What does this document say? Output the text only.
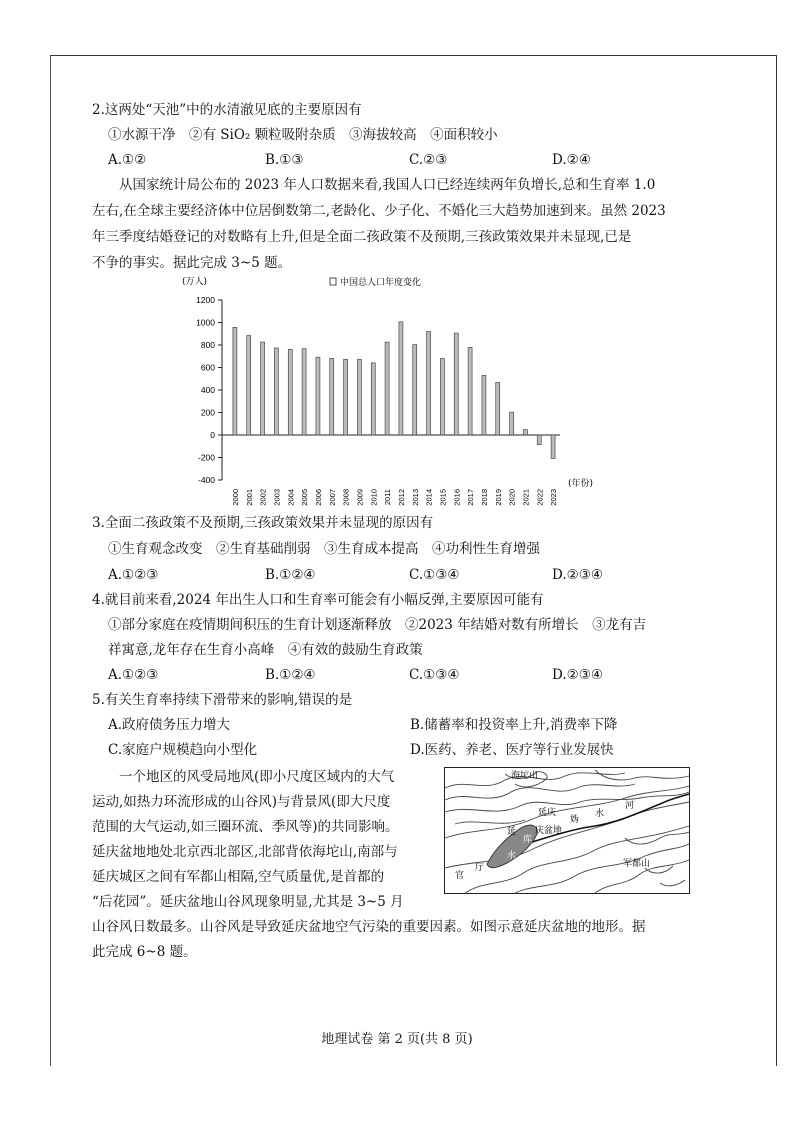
2.这两处“天池”中的水清澈见底的主要原因有
①水源干净　②有 SiO₂ 颗粒吸附杂质　③海拔较高　④面积较小
A.①②	B.①③	C.②③	D.②④
　　从国家统计局公布的 2023 年人口数据来看,我国人口已经连续两年负增长,总和生育率 1.0
左右,在全球主要经济体中位居倒数第二,老龄化、少子化、不婚化三大趋势加速到来。虽然 2023
年三季度结婚登记的对数略有上升,但是全面二孩政策不及预期,三孩政策效果并未显现,已是
不争的事实。据此完成 3~5 题。
-400
-200
0
200
400
600
800
1000
1200
(万人)	中国总人口年度变化
2000 2001 2002 2003 2004 2005 2006 2007 2008 2009 2010 2011 2012 2013 2014 2015 2016 2017 2018 2019 2020 2021 2022 2023
(年份)
3.全面二孩政策不及预期,三孩政策效果并未显现的原因有
①生育观念改变　②生育基础削弱　③生育成本提高　④功利性生育增强
A.①②③	B.①②④	C.①③④	D.②③④
4.就目前来看,2024 年出生人口和生育率可能会有小幅反弹,主要原因可能有
①部分家庭在疫情期间积压的生育计划逐渐释放　②2023 年结婚对数有所增长　③龙有吉
祥寓意,龙年存在生育小高峰　④有效的鼓励生育政策
A.①②③	B.①②④	C.①③④	D.②③④
5.有关生育率持续下滑带来的影响,错误的是
A.政府债务压力增大	B.储蓄率和投资率上升,消费率下降
C.家庭户规模趋向小型化	D.医药、养老、医疗等行业发展快
　　一个地区的风受局地风(即小尺度区域内的大气
运动,如热力环流形成的山谷风)与背景风(即大尺度
范围的大气运动,如三圈环流、季风等)的共同影响。
延庆盆地地处北京西北部区,北部背依海坨山,南部与
延庆城区之间有军都山相隔,空气质量优,是首都的
“后花园”。延庆盆地山谷风现象明显,尤其是 3~5 月
山谷风日数最多。山谷风是导致延庆盆地空气污染的重要因素。如图示意延庆盆地的地形。据
此完成 6~8 题。
海坨山
延庆
妫
水
河
庆盆地
延
库
水
官
厅	军都山
地理试卷 第 2 页(共 8 页)
